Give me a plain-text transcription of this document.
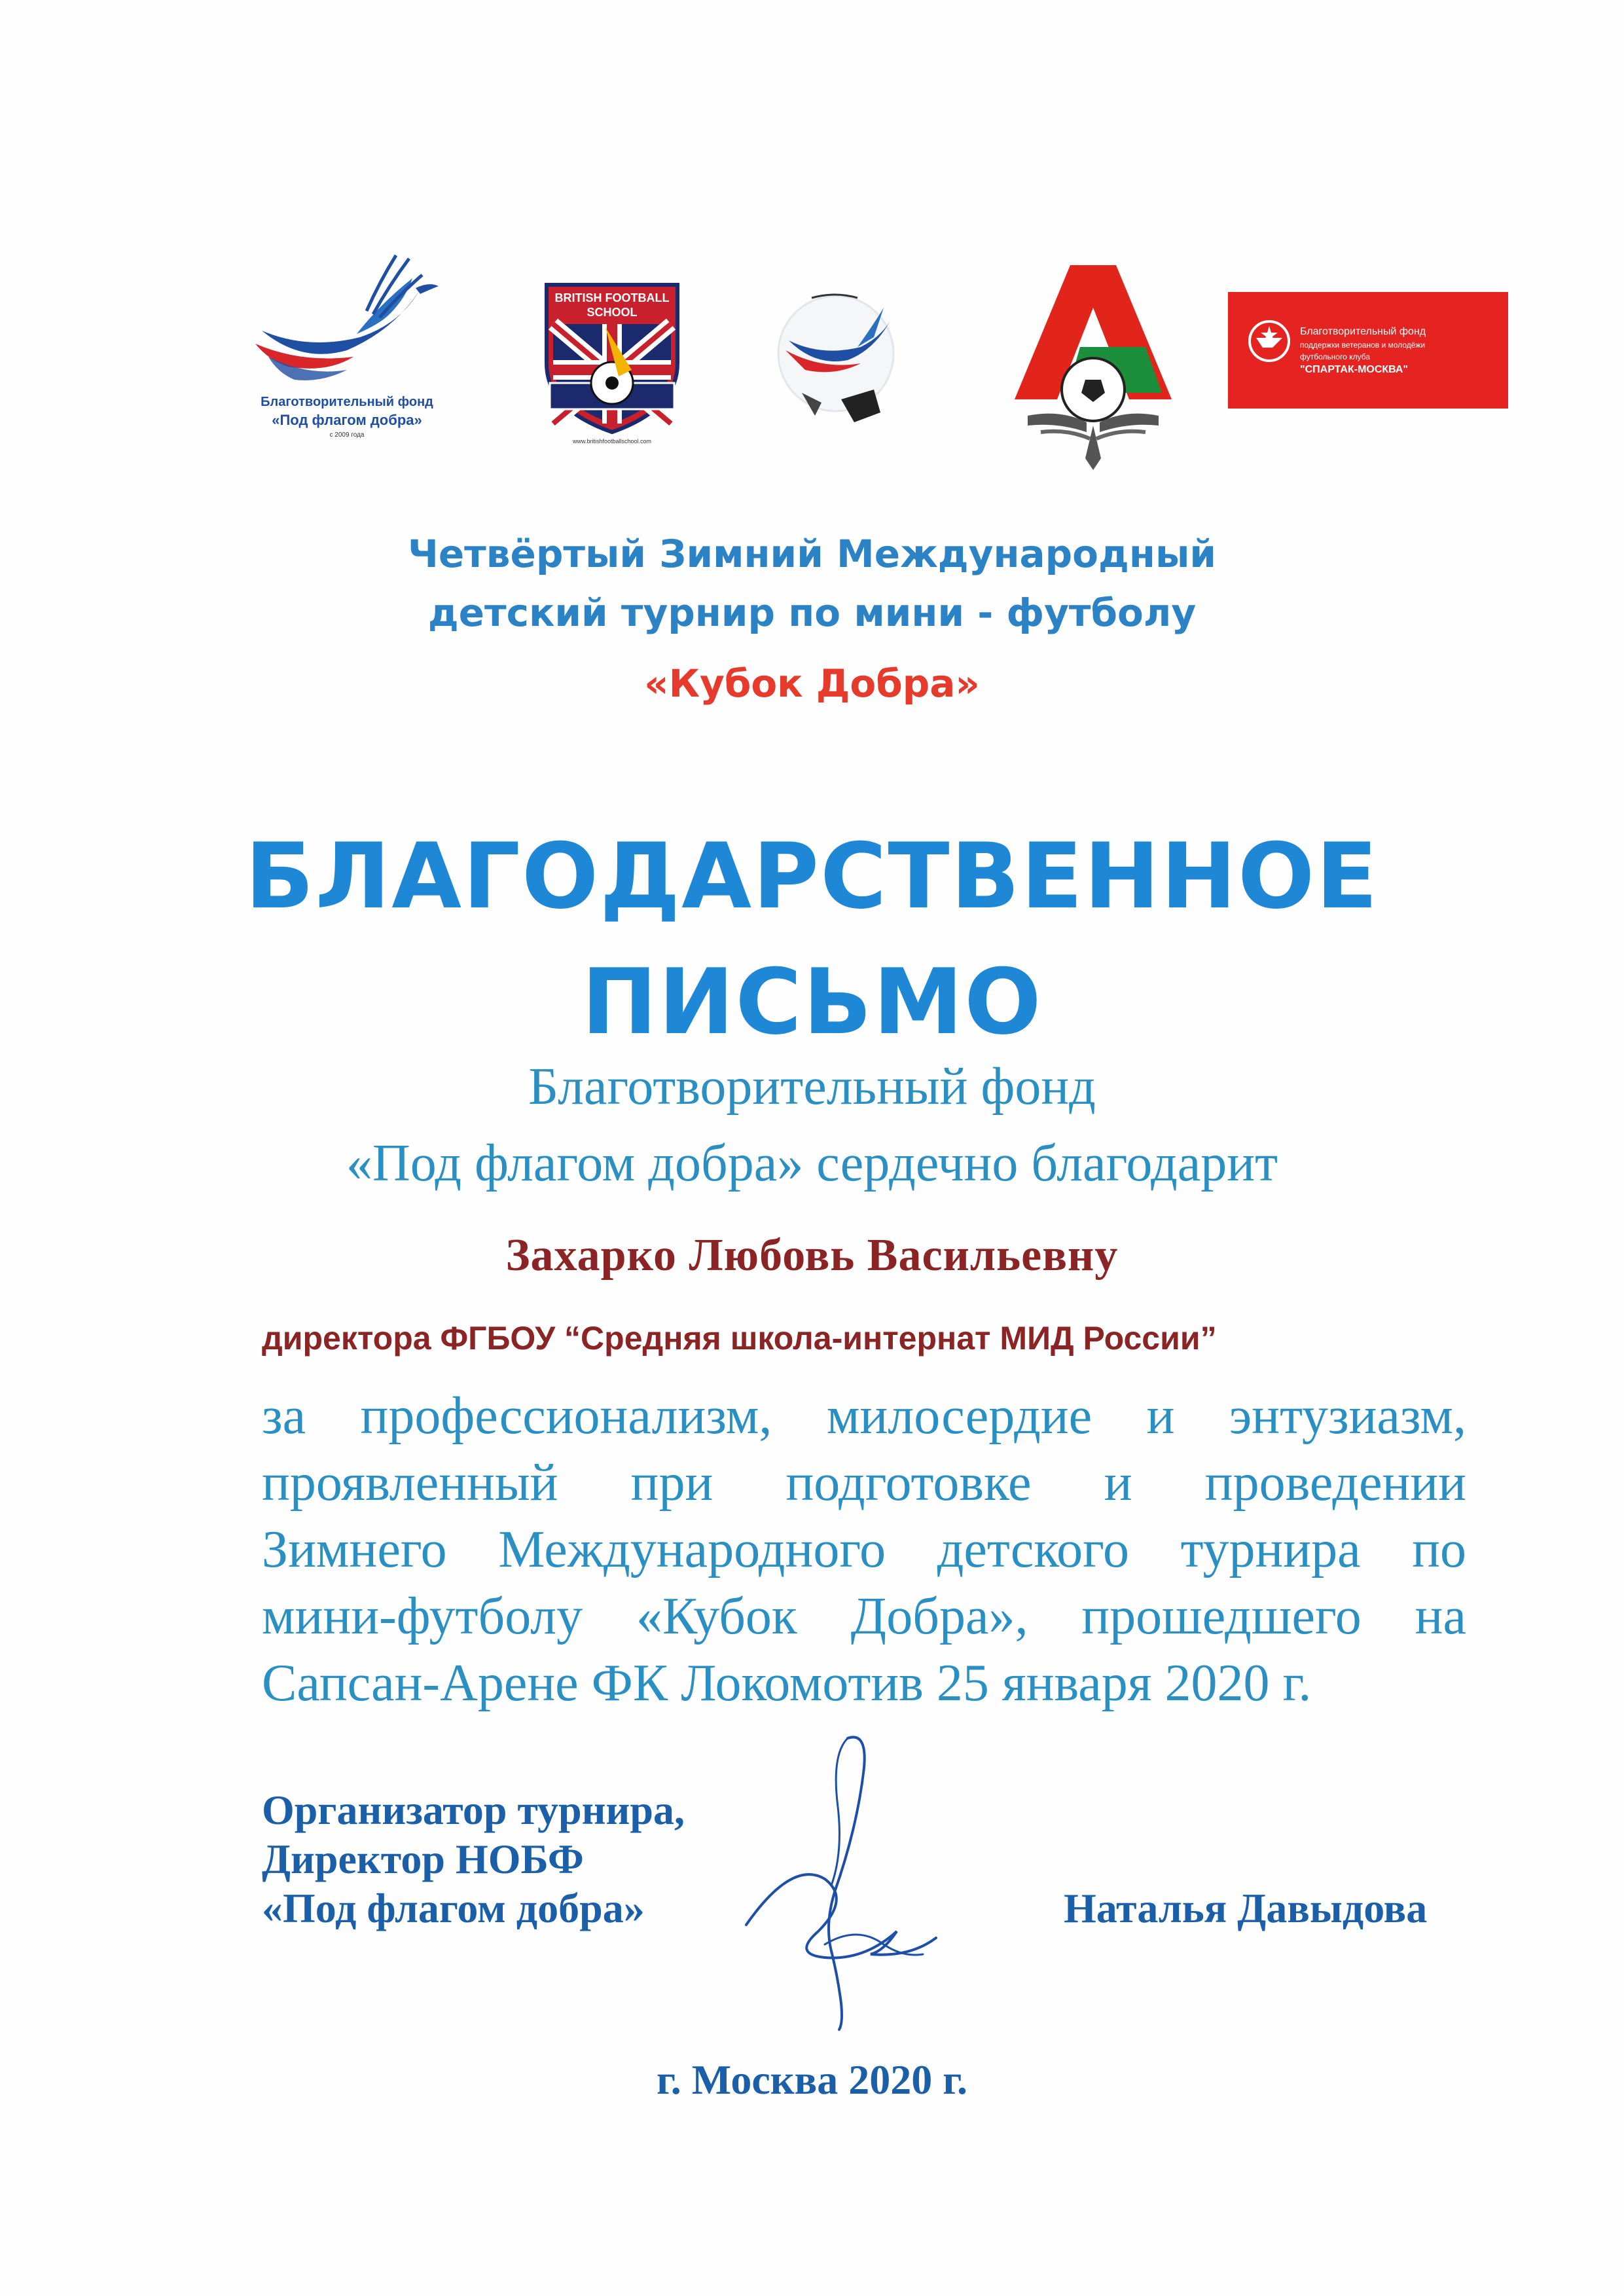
Благотворительный фонд
«Под флагом добра»
с 2009 года
BRITISH FOOTBALL
SCHOOL
www.britishfootballschool.com
Благотворительный фонд
поддержки ветеранов и молодёжи
футбольного клуба
"СПАРТАК-МОСКВА"
Четвёртый Зимний Международный
детский турнир по мини - футболу
«Кубок Добра»
БЛАГОДАРСТВЕННОЕ
ПИСЬМО
Благотворительный фонд
«Под флагом добра» сердечно благодарит
Захарко Любовь Васильевну
директора ФГБОУ “Средняя школа-интернат МИД России”
за профессионализм, милосердие и энтузиазм,
проявленный при подготовке и проведении
Зимнего Международного детского турнира по
мини-футболу «Кубок Добра», прошедшего на
Сапсан-Арене ФК Локомотив 25 января 2020 г.
Организатор турнира,
Директор НОБФ
«Под флагом добра»	Наталья Давыдова
г. Москва 2020 г.
